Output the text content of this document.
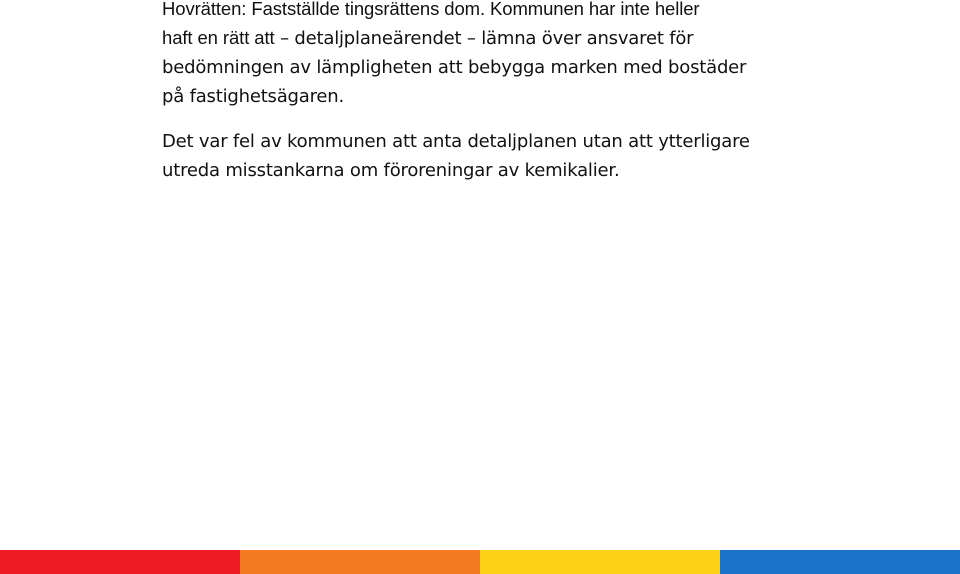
Hovrätten: Fastställde tingsrättens dom. Kommunen har inte heller
haft en rätt att – detaljplaneärendet – lämna över ansvaret för
bedömningen av lämpligheten att bebygga marken med bostäder
på fastighetsägaren.

Det var fel av kommunen att anta detaljplanen utan att ytterligare
utreda misstankarna om föroreningar av kemikalier.
